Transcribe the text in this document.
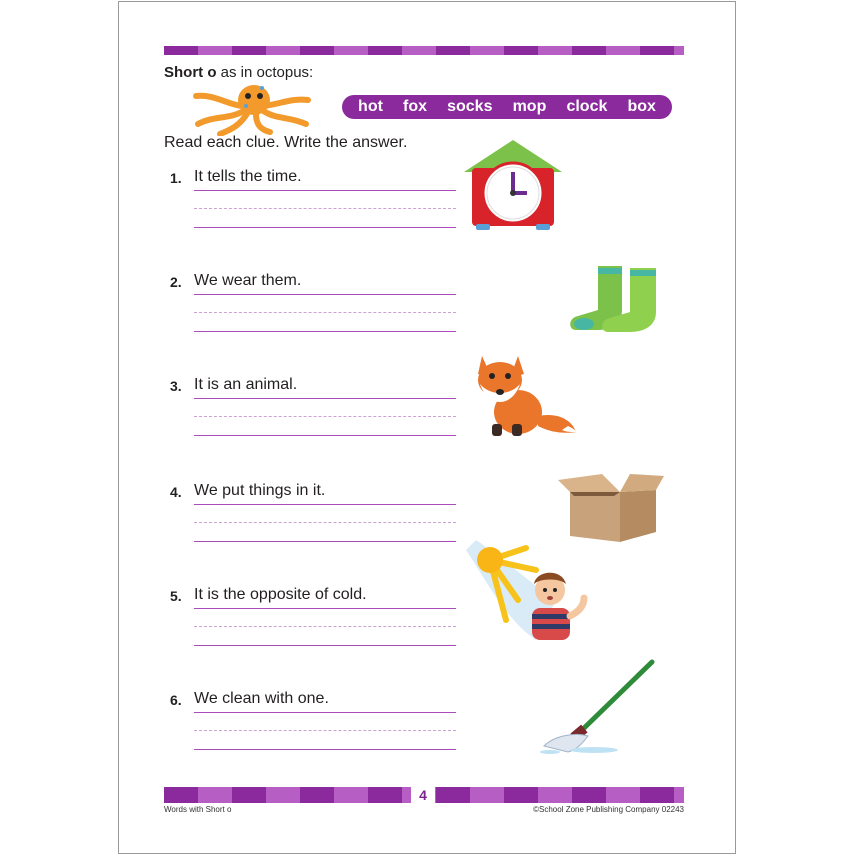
Short o as in octopus:
hot fox socks mop clock box
Read each clue. Write the answer.
1. It tells the time.
2. We wear them.
3. It is an animal.
4. We put things in it.
5. It is the opposite of cold.
6. We clean with one.
4
Words with Short o	©School Zone Publishing Company 02243
